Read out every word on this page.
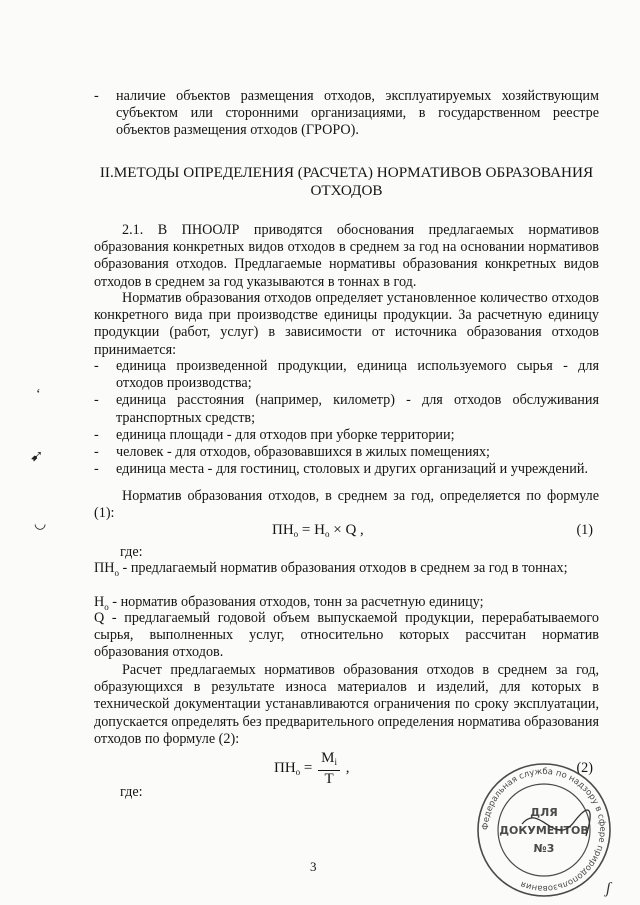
-	наличие объектов размещения отходов, эксплуатируемых хозяйствующим субъектом или сторонними организациями, в государственном реестре объектов размещения отходов (ГРОРО).
II.МЕТОДЫ ОПРЕДЕЛЕНИЯ (РАСЧЕТА) НОРМАТИВОВ ОБРАЗОВАНИЯ ОТХОДОВ
2.1. В ПНООЛР приводятся обоснования предлагаемых нормативов образования конкретных видов отходов в среднем за год на основании нормативов образования отходов. Предлагаемые нормативы образования конкретных видов отходов в среднем за год указываются в тоннах в год.
Норматив образования отходов определяет установленное количество отходов конкретного вида при производстве единицы продукции. За расчетную единицу продукции (работ, услуг) в зависимости от источника образования отходов принимается:
-	единица произведенной продукции, единица используемого сырья - для отходов производства;
-	единица расстояния (например, километр) - для отходов обслуживания транспортных средств;
-	единица площади - для отходов при уборке территории;
-	человек - для отходов, образовавшихся в жилых помещениях;
-	единица места - для гостиниц, столовых и других организаций и учреждений.
Норматив образования отходов, в среднем за год, определяется по формуле (1):
$ПН_о = Н_о \times Q$ ,	(1)
где:
$ПН_о$ - предлагаемый норматив образования отходов в среднем за год в тоннах;
$Н_о$ - норматив образования отходов, тонн за расчетную единицу;
Q - предлагаемый годовой объем выпускаемой продукции, перерабатываемого сырья, выполненных услуг, относительно которых рассчитан норматив образования отходов.
Расчет предлагаемых нормативов образования отходов в среднем за год, образующихся в результате износа материалов и изделий, для которых в технической документации устанавливаются ограничения по сроку эксплуатации, допускается определять без предварительного определения норматива образования отходов по формуле (2):
$ПН_о = \frac{M_i}{T}$ ,	(2)
где:
3
‘
➹
◡
Федеральная служба по надзору в сфере природопользования
ДЛЯ
ДОКУМЕНТОВ
№3
ʃ
